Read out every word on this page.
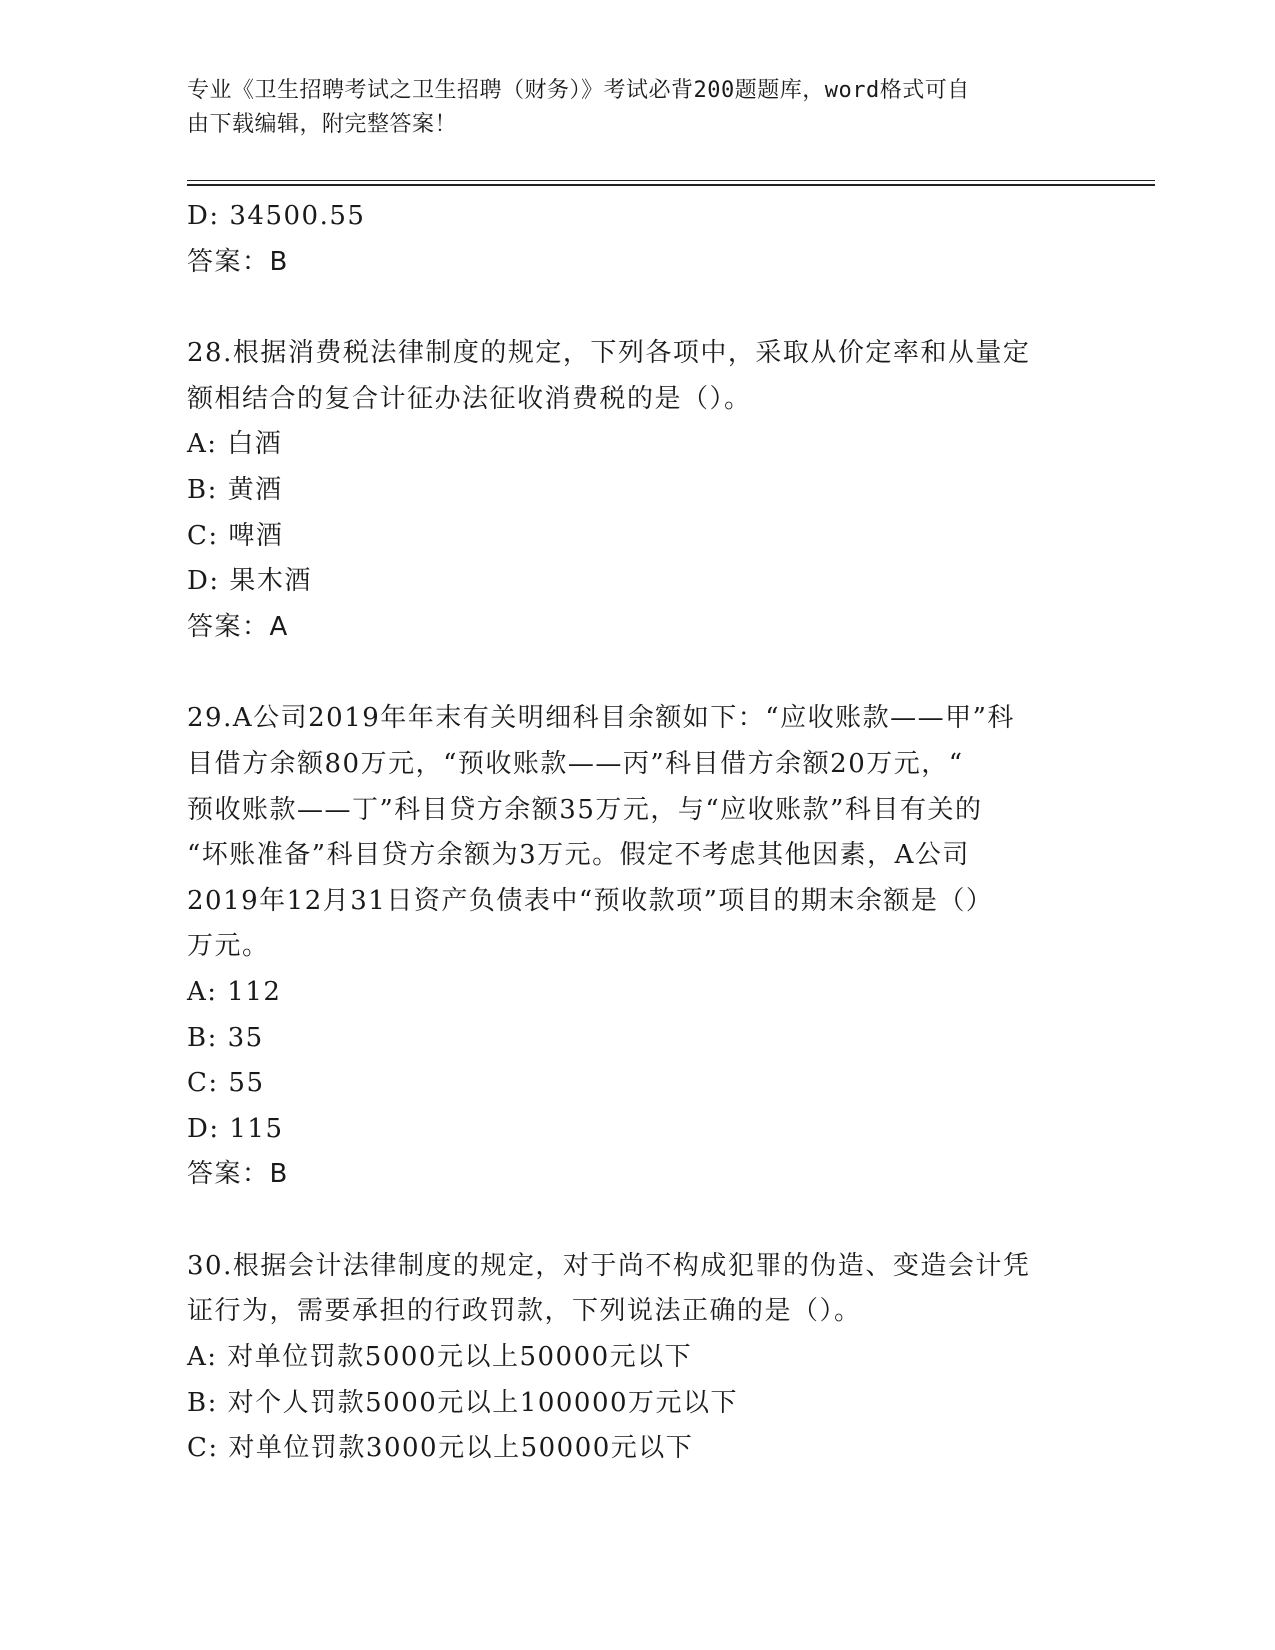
专业《卫生招聘考试之卫生招聘（财务）》考试必背200题题库，word格式可自
由下载编辑，附完整答案！
D: 34500.55
答案：B
28.根据消费税法律制度的规定，下列各项中，采取从价定率和从量定
额相结合的复合计征办法征收消费税的是（）。
A: 白酒
B: 黄酒
C: 啤酒
D: 果木酒
答案：A
29.A公司2019年年末有关明细科目余额如下：“应收账款——甲”科
目借方余额80万元，“预收账款——丙”科目借方余额20万元，“
预收账款——丁”科目贷方余额35万元，与“应收账款”科目有关的
“坏账准备”科目贷方余额为3万元。假定不考虑其他因素，A公司
2019年12月31日资产负债表中“预收款项”项目的期末余额是（）
万元。
A: 112
B: 35
C: 55
D: 115
答案：B
30.根据会计法律制度的规定，对于尚不构成犯罪的伪造、变造会计凭
证行为，需要承担的行政罚款，下列说法正确的是（）。
A: 对单位罚款5000元以上50000元以下
B: 对个人罚款5000元以上100000万元以下
C: 对单位罚款3000元以上50000元以下
